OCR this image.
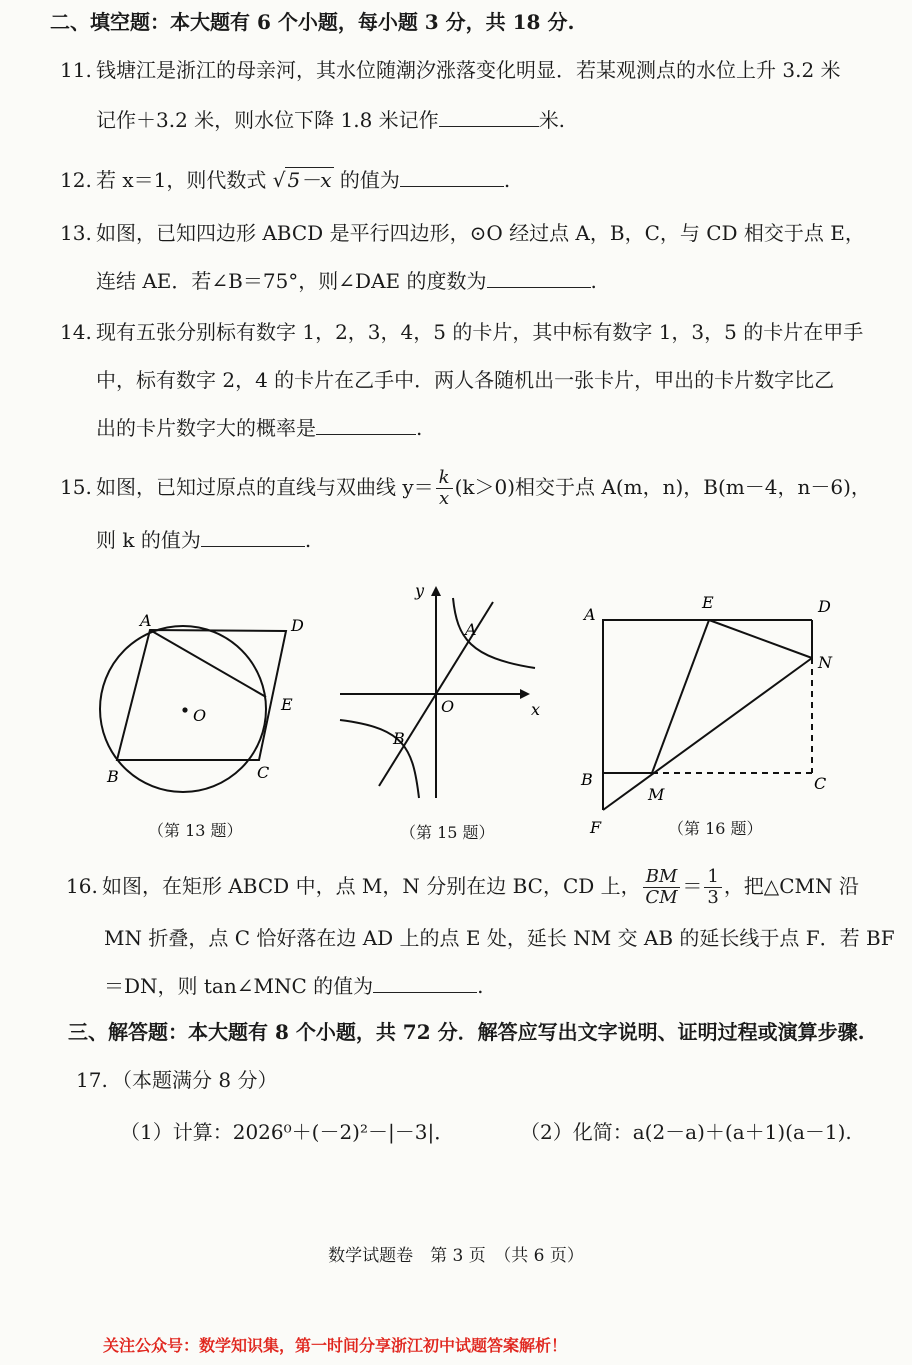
二、填空题：本大题有 6 个小题，每小题 3 分，共 18 分.
11. 钱塘江是浙江的母亲河，其水位随潮汐涨落变化明显．若某观测点的水位上升 3.2 米
记作＋3.2 米，则水位下降 1.8 米记作	米.
12. 若 x＝1，则代数式 √ 5－x 的值为	.
13. 如图，已知四边形 ABCD 是平行四边形，⊙O 经过点 A，B，C，与 CD 相交于点 E，
连结 AE．若∠B＝75°，则∠DAE 的度数为	.
14. 现有五张分别标有数字 1，2，3，4，5 的卡片，其中标有数字 1，3，5 的卡片在甲手
中，标有数字 2，4 的卡片在乙手中．两人各随机出一张卡片，甲出的卡片数字比乙
出的卡片数字大的概率是	.
15. 如图，已知过原点的直线与双曲线 $y= \frac{k}{x} (k>0)$相交于点 A(m，n)，B(m－4，n－6)，
则 k 的值为	.
A	D
E
O
B	C
y
x
O
A
B
A
E	D
N
B	C
M
F
（第 13 题）	（第 15 题）	（第 16 题）
16. 如图，在矩形 ABCD 中，点 M，N 分别在边 BC，CD 上， $\frac{BM}{CM} = \frac{1}{3}$ ，把△CMN 沿
MN 折叠，点 C 恰好落在边 AD 上的点 E 处，延长 NM 交 AB 的延长线于点 F．若 BF
＝DN，则 tan∠MNC 的值为	.
三、解答题：本大题有 8 个小题，共 72 分．解答应写出文字说明、证明过程或演算步骤.
17. （本题满分 8 分）
（1）计算：2026⁰＋(－2)²－|－3|．	（2）化简：a(2－a)＋(a＋1)(a－1).
数学试题卷　第 3 页　（共 6 页）
关注公众号：数学知识集，第一时间分享浙江初中试题答案解析！
